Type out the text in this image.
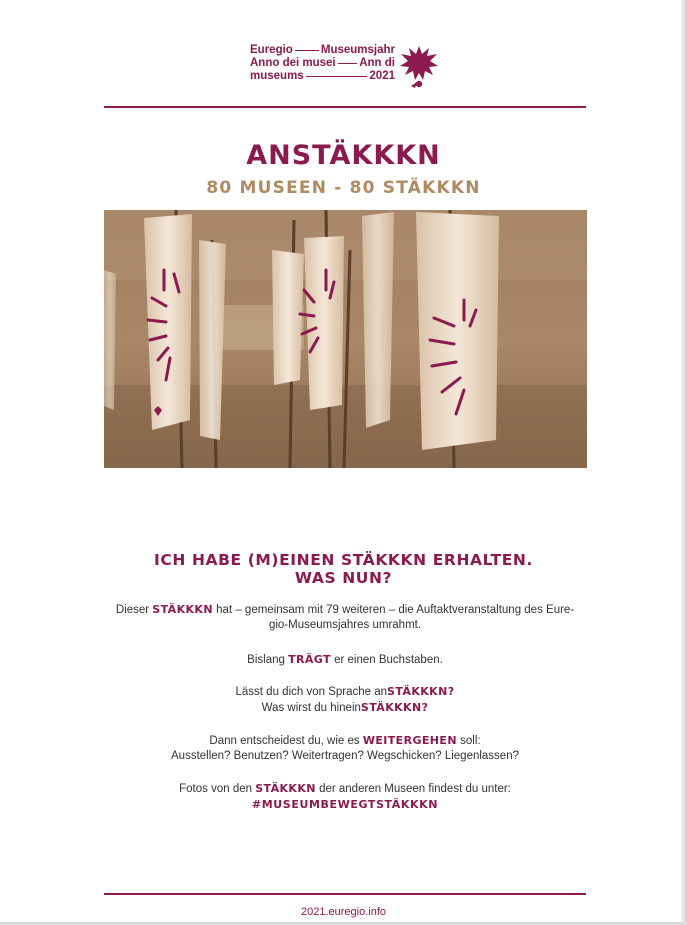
Euregio Museumsjahr
Anno dei musei Ann di
museums	2021
ANSTÄKKKN
80 MUSEEN - 80 STÄKKKN
ICH HABE (M)EINEN STÄKKKN ERHALTEN.
WAS NUN?
Dieser STÄKKKN hat – gemeinsam mit 79 weiteren – die Auftaktveranstaltung des Eure-
gio-Museumsjahres umrahmt.
Bislang TRÄGT er einen Buchstaben.
Lässt du dich von Sprache anSTÄKKKN?
Was wirst du hineinSTÄKKKN?
Dann entscheidest du, wie es WEITERGEHEN soll:
Ausstellen? Benutzen? Weitertragen? Wegschicken? Liegenlassen?
Fotos von den STÄKKKN der anderen Museen findest du unter:
#MUSEUMBEWEGTSTÄKKKN
2021.euregio.info
